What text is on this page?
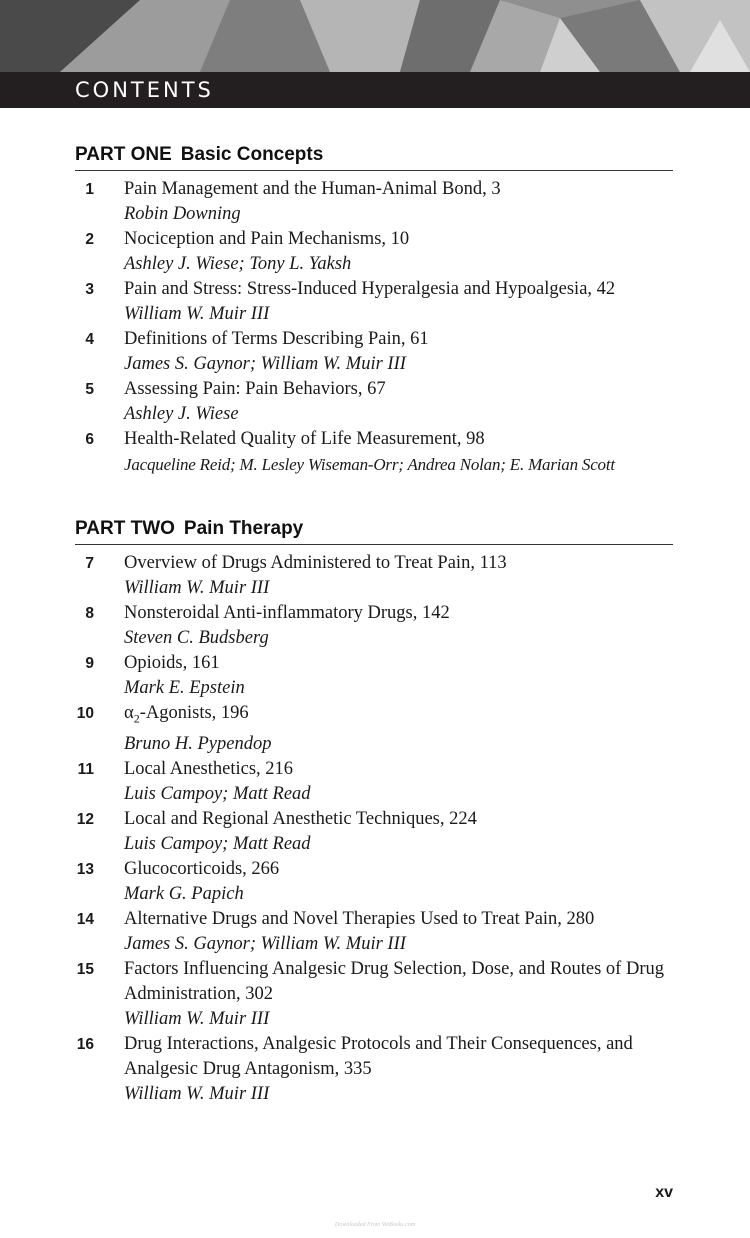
CONTENTS
PART ONE Basic Concepts
1 Pain Management and the Human-Animal Bond, 3
Robin Downing
2 Nociception and Pain Mechanisms, 10
Ashley J. Wiese; Tony L. Yaksh
3 Pain and Stress: Stress-Induced Hyperalgesia and Hypoalgesia, 42
William W. Muir III
4 Definitions of Terms Describing Pain, 61
James S. Gaynor; William W. Muir III
5 Assessing Pain: Pain Behaviors, 67
Ashley J. Wiese
6 Health-Related Quality of Life Measurement, 98
Jacqueline Reid; M. Lesley Wiseman-Orr; Andrea Nolan; E. Marian Scott
PART TWO Pain Therapy
7 Overview of Drugs Administered to Treat Pain, 113
William W. Muir III
8 Nonsteroidal Anti-inflammatory Drugs, 142
Steven C. Budsberg
9 Opioids, 161
Mark E. Epstein
10 $\alpha_2$-Agonists, 196
Bruno H. Pypendop
11 Local Anesthetics, 216
Luis Campoy; Matt Read
12 Local and Regional Anesthetic Techniques, 224
Luis Campoy; Matt Read
13 Glucocorticoids, 266
Mark G. Papich
14 Alternative Drugs and Novel Therapies Used to Treat Pain, 280
James S. Gaynor; William W. Muir III
15 Factors Influencing Analgesic Drug Selection, Dose, and Routes of Drug Administration, 302
William W. Muir III
16 Drug Interactions, Analgesic Protocols and Their Consequences, and Analgesic Drug Antagonism, 335
William W. Muir III
xv
Downloaded From VetBooks.com
